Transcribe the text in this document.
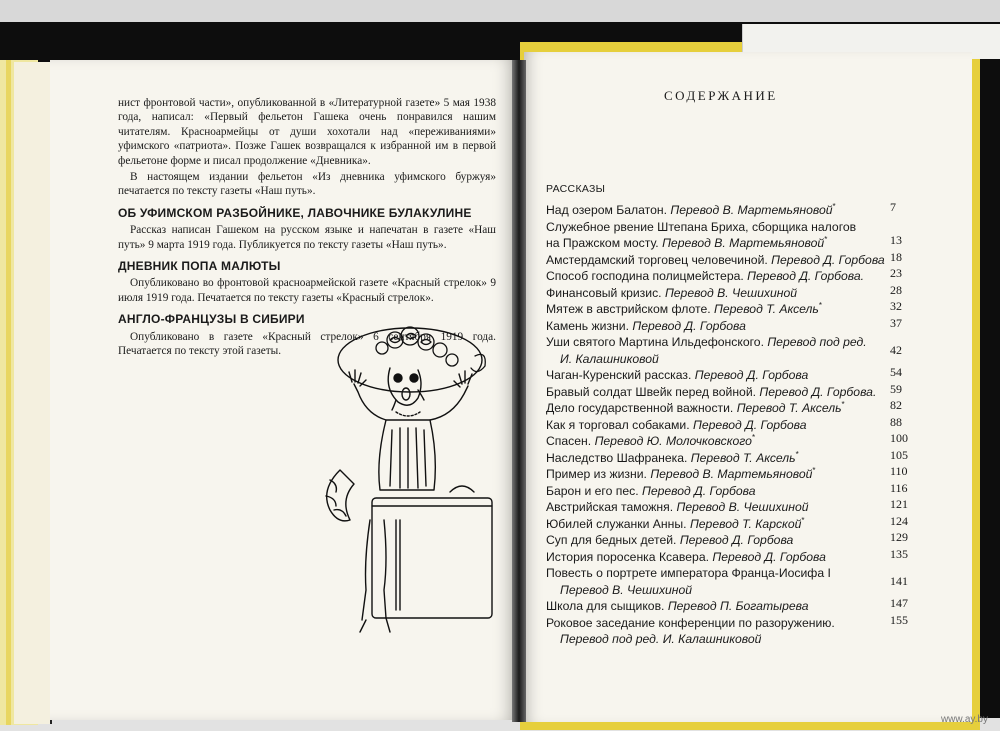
нист фронтовой части», опубликованной в «Литературной газете» 5 мая 1938 года, написал: «Первый фельетон Гашека очень понравился нашим читателям. Красноармейцы от души хохотали над «переживаниями» уфимского «патриота». Позже Гашек возвращался к избранной им в первой фельетоне форме и писал продолжение «Дневника».

В настоящем издании фельетон «Из дневника уфимского буржуя» печатается по тексту газеты «Наш путь».

ОБ УФИМСКОМ РАЗБОЙНИКЕ, ЛАВОЧНИКЕ БУЛАКУЛИНЕ

Рассказ написан Гашеком на русском языке и напечатан в газете «Наш путь» 9 марта 1919 года. Публикуется по тексту газеты «Наш путь».

ДНЕВНИК ПОПА МАЛЮТЫ

Опубликовано во фронтовой красноармейской газете «Красный стрелок» 9 июля 1919 года. Печатается по тексту газеты «Красный стрелок».

АНГЛО-ФРАНЦУЗЫ В СИБИРИ

Опубликовано в газете «Красный стрелок» 6 сентября 1919 года. Печатается по тексту этой газеты.

СОДЕРЖАНИЕ
РАССКАЗЫ
Над озером Балатон. Перевод В. Мартемьяновой*	7
Служебное рвение Штепана Бриха, сборщика налогов
на Пражском мосту. Перевод В. Мартемьяновой*	13
Амстердамский торговец человечиной. Перевод Д. Горбова 18
Способ господина полицмейстера. Перевод Д. Горбова. 23
Финансовый кризис. Перевод В. Чешихиной	28
Мятеж в австрийском флоте. Перевод Т. Аксель*	32
Камень жизни. Перевод Д. Горбова	37
Уши святого Мартина Ильдефонского. Перевод под ред.
И. Калашниковой
42
Чаган-Куренский рассказ. Перевод Д. Горбова	54
Бравый солдат Швейк перед войной. Перевод Д. Горбова. 59
Дело государственной важности. Перевод Т. Аксель*	82
Как я торговал собаками. Перевод Д. Горбова	88
Спасен. Перевод Ю. Молочковского*	100
Наследство Шафранека. Перевод Т. Аксель*	105
Пример из жизни. Перевод В. Мартемьяновой*	110
Барон и его пес. Перевод Д. Горбова	116
Австрийская таможня. Перевод В. Чешихиной	121
Юбилей служанки Анны. Перевод Т. Карской*	124
Суп для бедных детей. Перевод Д. Горбова	129
История поросенка Ксавера. Перевод Д. Горбова	135
Повесть о портрете императора Франца-Иосифа I
Перевод В. Чешихиной
141
Школа для сыщиков. Перевод П. Богатырева	147
Роковое заседание конференции по разоружению.	155
Перевод под ред. И. Калашниковой
www.ay.by
